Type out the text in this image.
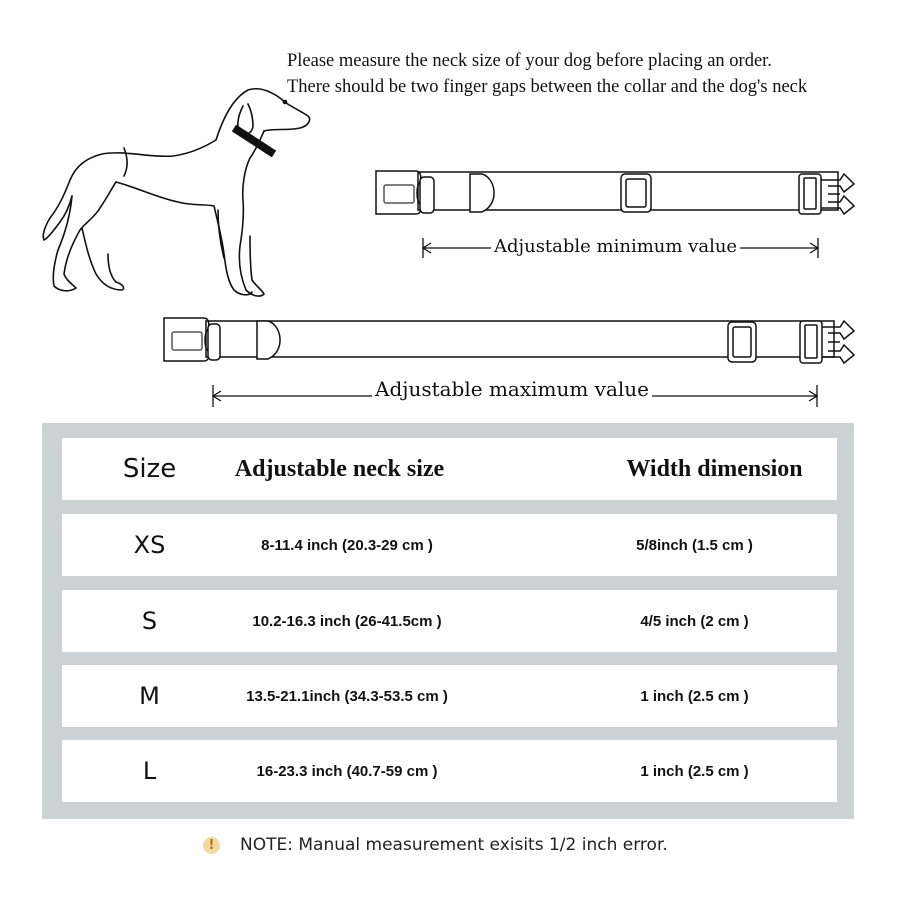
Please measure the neck size of your dog before placing an order.
There should be two finger gaps between the collar and the dog's neck
Adjustable minimum value
Adjustable maximum value
Size	Adjustable neck size	Width dimension
XS	8-11.4 inch (20.3-29 cm )	5/8inch (1.5 cm )
S	10.2-16.3 inch (26-41.5cm )	4/5 inch (2 cm )
M	13.5-21.1inch (34.3-53.5 cm )	1 inch (2.5 cm )
L	16-23.3 inch (40.7-59 cm )	1 inch (2.5 cm )
!	NOTE: Manual measurement exisits 1/2 inch error.
